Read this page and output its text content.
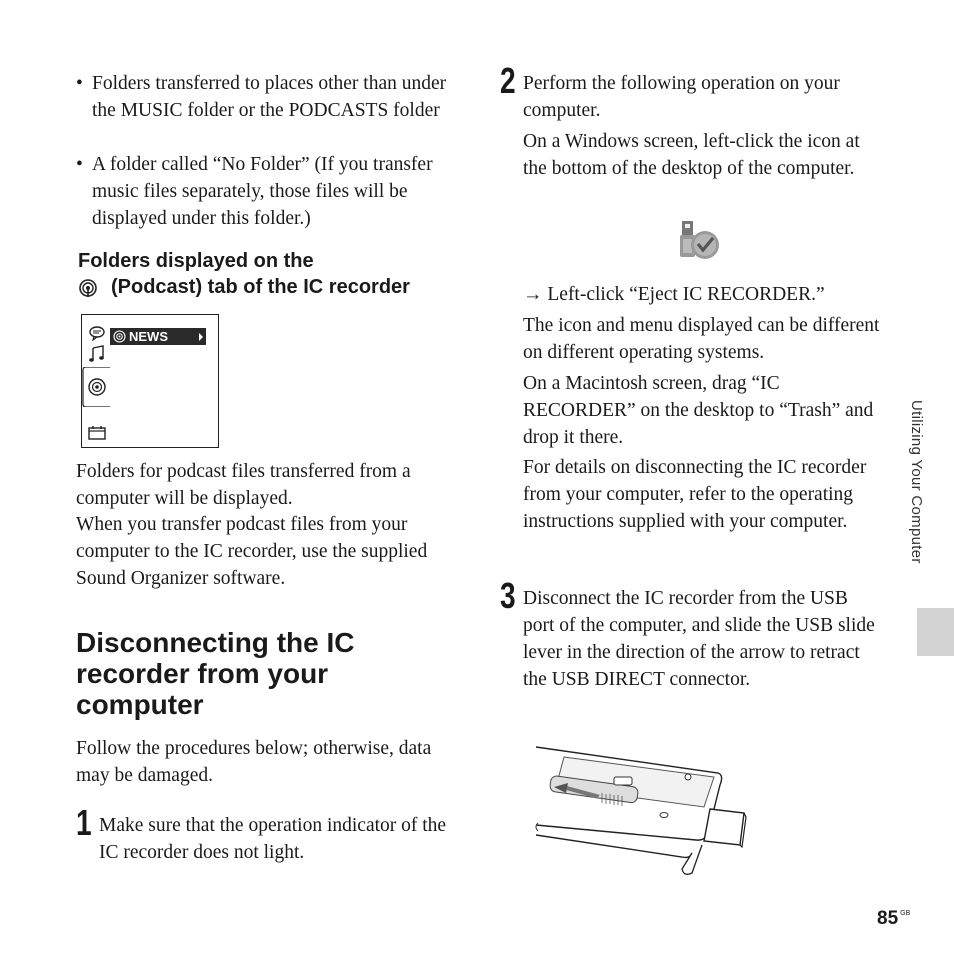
• Folders transferred to places other than under the MUSIC folder or the PODCASTS folder
• A folder called “No Folder” (If you transfer music files separately, those files will be displayed under this folder.)
Folders displayed on the
(Podcast) tab of the IC recorder
NEWS
Folders for podcast files transferred from a computer will be displayed.
When you transfer podcast files from your computer to the IC recorder, use the supplied Sound Organizer software.
Disconnecting the IC recorder from your computer
Follow the procedures below; otherwise, data may be damaged.
1 Make sure that the operation indicator of the IC recorder does not light.
2 Perform the following operation on your computer.
On a Windows screen, left-click the icon at the bottom of the desktop of the computer.
→ Left-click “Eject IC RECORDER.”
The icon and menu displayed can be different on different operating systems.
On a Macintosh screen, drag “IC RECORDER” on the desktop to “Trash” and drop it there.
For details on disconnecting the IC recorder from your computer, refer to the operating instructions supplied with your computer.
3 Disconnect the IC recorder from the USB port of the computer, and slide the USB slide lever in the direction of the arrow to retract the USB DIRECT connector.
Utilizing Your Computer
85 $^{GB}$
